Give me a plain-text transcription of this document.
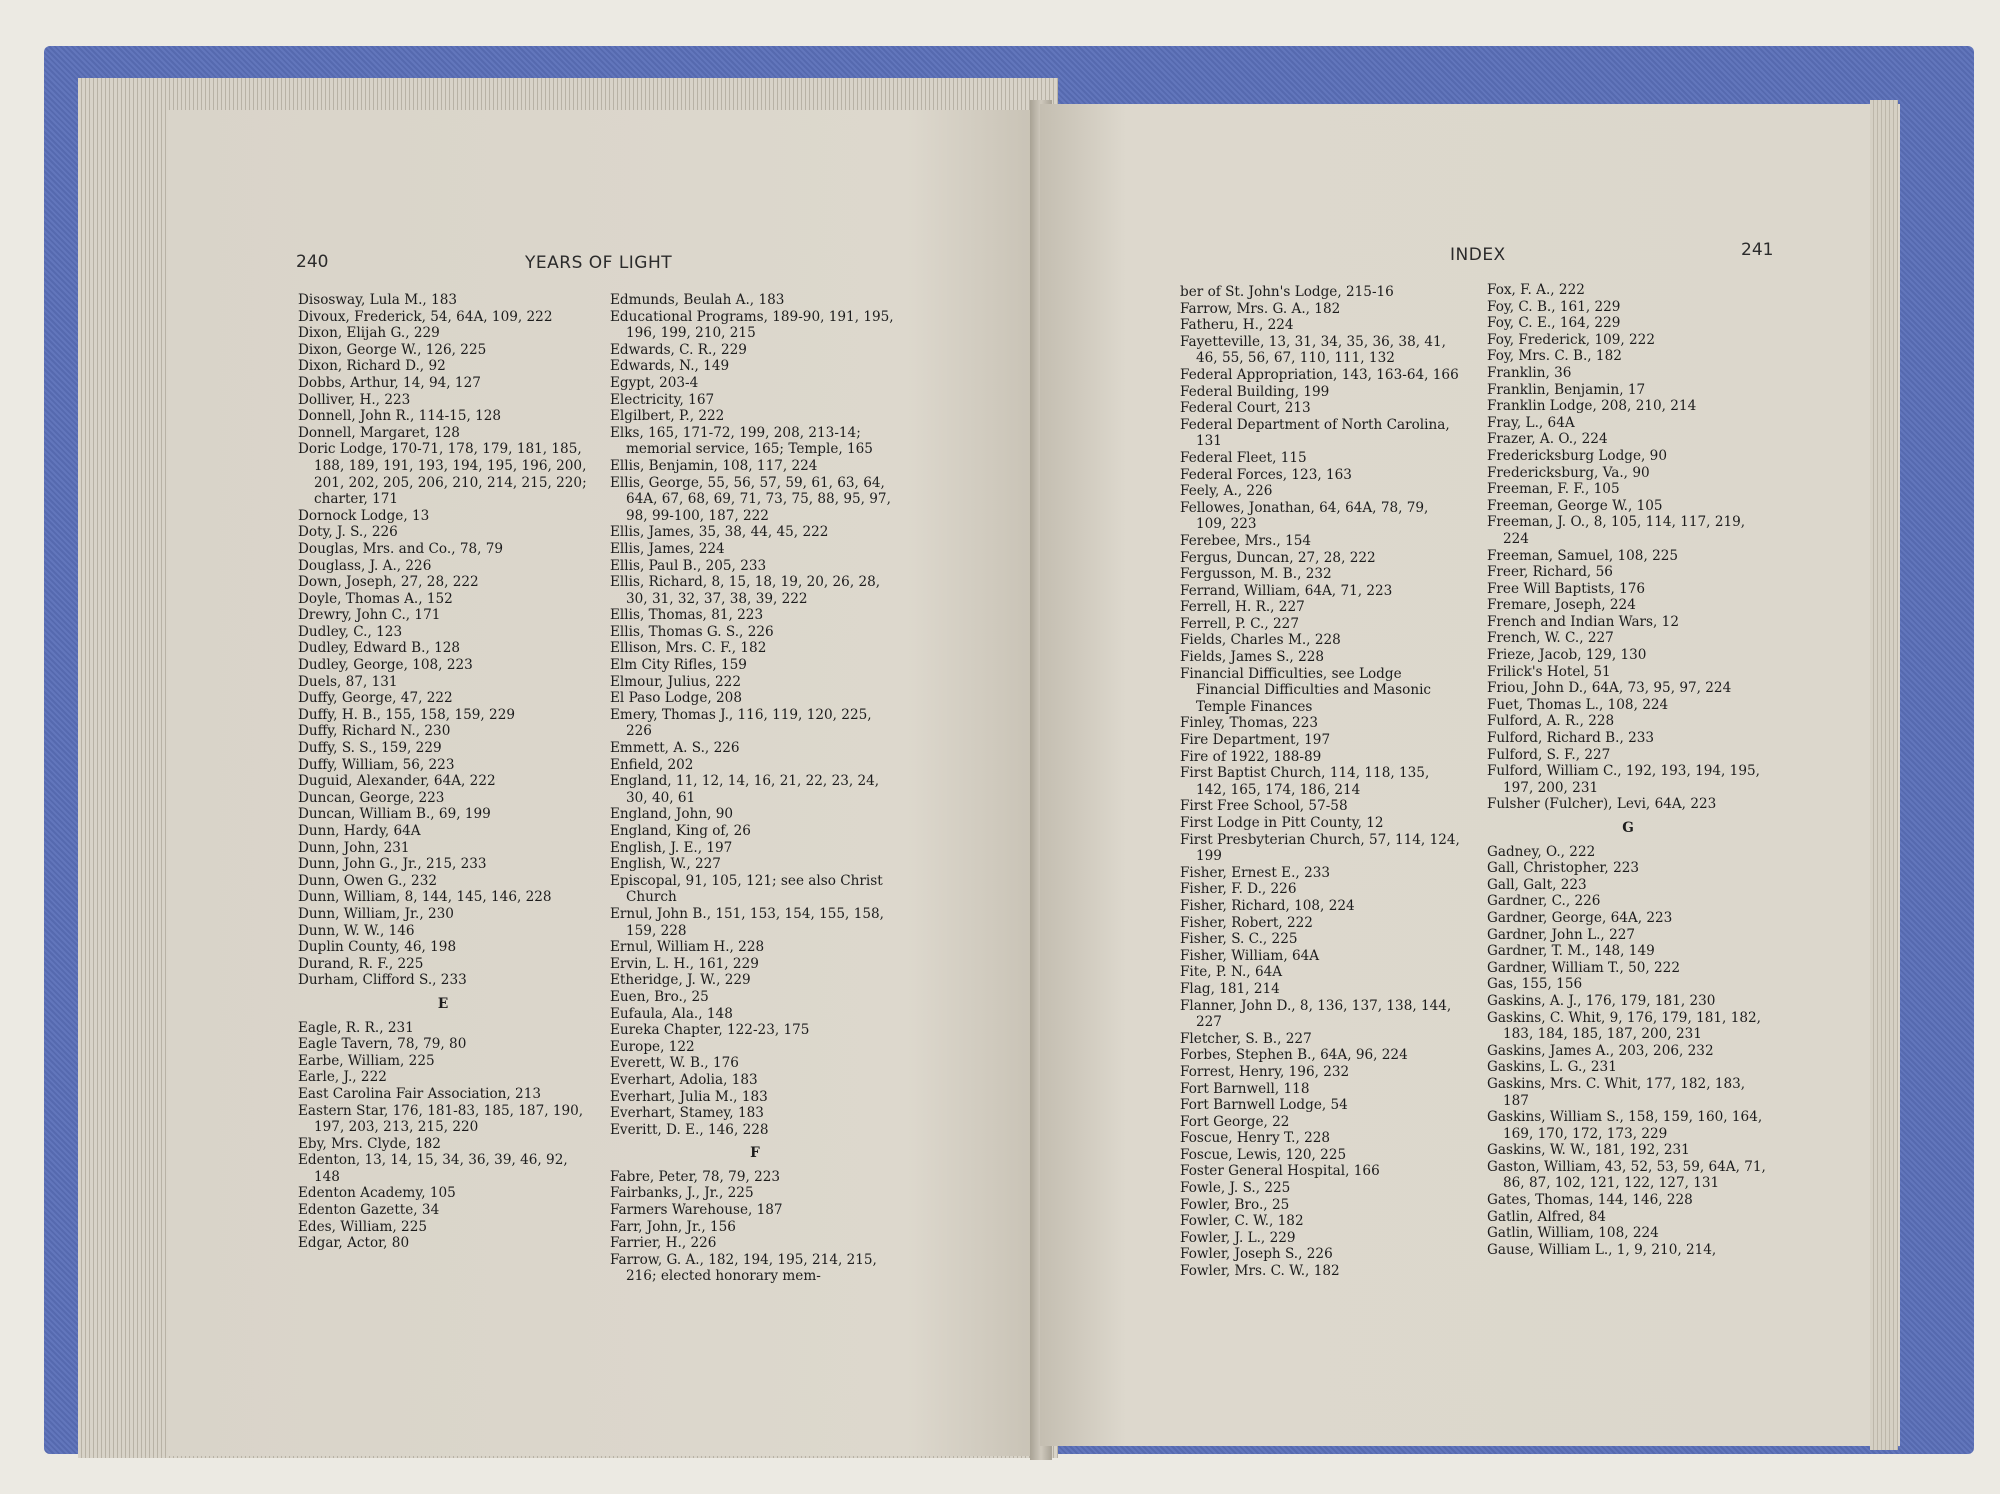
240	YEARS OF LIGHT	INDEX	241

Disosway, Lula M., 183

Divoux, Frederick, 54, 64A, 109, 222

Dixon, Elijah G., 229

Dixon, George W., 126, 225

Dixon, Richard D., 92

Dobbs, Arthur, 14, 94, 127

Dolliver, H., 223

Donnell, John R., 114-15, 128

Donnell, Margaret, 128

Doric Lodge, 170-71, 178, 179, 181, 185, 188, 189, 191, 193, 194, 195, 196, 200, 201, 202, 205, 206, 210, 214, 215, 220; charter, 171

Dornock Lodge, 13

Doty, J. S., 226

Douglas, Mrs. and Co., 78, 79

Douglass, J. A., 226

Down, Joseph, 27, 28, 222

Doyle, Thomas A., 152

Drewry, John C., 171

Dudley, C., 123

Dudley, Edward B., 128

Dudley, George, 108, 223

Duels, 87, 131

Duffy, George, 47, 222

Duffy, H. B., 155, 158, 159, 229

Duffy, Richard N., 230

Duffy, S. S., 159, 229

Duffy, William, 56, 223

Duguid, Alexander, 64A, 222

Duncan, George, 223

Duncan, William B., 69, 199

Dunn, Hardy, 64A

Dunn, John, 231

Dunn, John G., Jr., 215, 233

Dunn, Owen G., 232

Dunn, William, 8, 144, 145, 146, 228

Dunn, William, Jr., 230

Dunn, W. W., 146

Duplin County, 46, 198

Durand, R. F., 225

Durham, Clifford S., 233

E

Eagle, R. R., 231

Eagle Tavern, 78, 79, 80

Earbe, William, 225

Earle, J., 222

East Carolina Fair Association, 213

Eastern Star, 176, 181-83, 185, 187, 190, 197, 203, 213, 215, 220

Eby, Mrs. Clyde, 182

Edenton, 13, 14, 15, 34, 36, 39, 46, 92, 148

Edenton Academy, 105

Edenton Gazette, 34

Edes, William, 225

Edgar, Actor, 80

Edmunds, Beulah A., 183

Educational Programs, 189-90, 191, 195, 196, 199, 210, 215

Edwards, C. R., 229

Edwards, N., 149

Egypt, 203-4

Electricity, 167

Elgilbert, P., 222

Elks, 165, 171-72, 199, 208, 213-14; memorial service, 165; Temple, 165

Ellis, Benjamin, 108, 117, 224

Ellis, George, 55, 56, 57, 59, 61, 63, 64, 64A, 67, 68, 69, 71, 73, 75, 88, 95, 97, 98, 99-100, 187, 222

Ellis, James, 35, 38, 44, 45, 222

Ellis, James, 224

Ellis, Paul B., 205, 233

Ellis, Richard, 8, 15, 18, 19, 20, 26, 28, 30, 31, 32, 37, 38, 39, 222

Ellis, Thomas, 81, 223

Ellis, Thomas G. S., 226

Ellison, Mrs. C. F., 182

Elm City Rifles, 159

Elmour, Julius, 222

El Paso Lodge, 208

Emery, Thomas J., 116, 119, 120, 225, 226

Emmett, A. S., 226

Enfield, 202

England, 11, 12, 14, 16, 21, 22, 23, 24, 30, 40, 61

England, John, 90

England, King of, 26

English, J. E., 197

English, W., 227

Episcopal, 91, 105, 121; see also Christ Church

Ernul, John B., 151, 153, 154, 155, 158, 159, 228

Ernul, William H., 228

Ervin, L. H., 161, 229

Etheridge, J. W., 229

Euen, Bro., 25

Eufaula, Ala., 148

Eureka Chapter, 122-23, 175

Europe, 122

Everett, W. B., 176

Everhart, Adolia, 183

Everhart, Julia M., 183

Everhart, Stamey, 183

Everitt, D. E., 146, 228

F

Fabre, Peter, 78, 79, 223

Fairbanks, J., Jr., 225

Farmers Warehouse, 187

Farr, John, Jr., 156

Farrier, H., 226

Farrow, G. A., 182, 194, 195, 214, 215, 216; elected honorary mem-

ber of St. John's Lodge, 215-16

Farrow, Mrs. G. A., 182

Fatheru, H., 224

Fayetteville, 13, 31, 34, 35, 36, 38, 41, 46, 55, 56, 67, 110, 111, 132

Federal Appropriation, 143, 163-64, 166

Federal Building, 199

Federal Court, 213

Federal Department of North Carolina, 131

Federal Fleet, 115

Federal Forces, 123, 163

Feely, A., 226

Fellowes, Jonathan, 64, 64A, 78, 79, 109, 223

Ferebee, Mrs., 154

Fergus, Duncan, 27, 28, 222

Fergusson, M. B., 232

Ferrand, William, 64A, 71, 223

Ferrell, H. R., 227

Ferrell, P. C., 227

Fields, Charles M., 228

Fields, James S., 228

Financial Difficulties, see Lodge Financial Difficulties and Masonic Temple Finances

Finley, Thomas, 223

Fire Department, 197

Fire of 1922, 188-89

First Baptist Church, 114, 118, 135, 142, 165, 174, 186, 214

First Free School, 57-58

First Lodge in Pitt County, 12

First Presbyterian Church, 57, 114, 124, 199

Fisher, Ernest E., 233

Fisher, F. D., 226

Fisher, Richard, 108, 224

Fisher, Robert, 222

Fisher, S. C., 225

Fisher, William, 64A

Fite, P. N., 64A

Flag, 181, 214

Flanner, John D., 8, 136, 137, 138, 144, 227

Fletcher, S. B., 227

Forbes, Stephen B., 64A, 96, 224

Forrest, Henry, 196, 232

Fort Barnwell, 118

Fort Barnwell Lodge, 54

Fort George, 22

Foscue, Henry T., 228

Foscue, Lewis, 120, 225

Foster General Hospital, 166

Fowle, J. S., 225

Fowler, Bro., 25

Fowler, C. W., 182

Fowler, J. L., 229

Fowler, Joseph S., 226

Fowler, Mrs. C. W., 182

Fox, F. A., 222

Foy, C. B., 161, 229

Foy, C. E., 164, 229

Foy, Frederick, 109, 222

Foy, Mrs. C. B., 182

Franklin, 36

Franklin, Benjamin, 17

Franklin Lodge, 208, 210, 214

Fray, L., 64A

Frazer, A. O., 224

Fredericksburg Lodge, 90

Fredericksburg, Va., 90

Freeman, F. F., 105

Freeman, George W., 105

Freeman, J. O., 8, 105, 114, 117, 219, 224

Freeman, Samuel, 108, 225

Freer, Richard, 56

Free Will Baptists, 176

Fremare, Joseph, 224

French and Indian Wars, 12

French, W. C., 227

Frieze, Jacob, 129, 130

Frilick's Hotel, 51

Friou, John D., 64A, 73, 95, 97, 224

Fuet, Thomas L., 108, 224

Fulford, A. R., 228

Fulford, Richard B., 233

Fulford, S. F., 227

Fulford, William C., 192, 193, 194, 195, 197, 200, 231

Fulsher (Fulcher), Levi, 64A, 223

G

Gadney, O., 222

Gall, Christopher, 223

Gall, Galt, 223

Gardner, C., 226

Gardner, George, 64A, 223

Gardner, John L., 227

Gardner, T. M., 148, 149

Gardner, William T., 50, 222

Gas, 155, 156

Gaskins, A. J., 176, 179, 181, 230

Gaskins, C. Whit, 9, 176, 179, 181, 182, 183, 184, 185, 187, 200, 231

Gaskins, James A., 203, 206, 232

Gaskins, L. G., 231

Gaskins, Mrs. C. Whit, 177, 182, 183, 187

Gaskins, William S., 158, 159, 160, 164, 169, 170, 172, 173, 229

Gaskins, W. W., 181, 192, 231

Gaston, William, 43, 52, 53, 59, 64A, 71, 86, 87, 102, 121, 122, 127, 131

Gates, Thomas, 144, 146, 228

Gatlin, Alfred, 84

Gatlin, William, 108, 224

Gause, William L., 1, 9, 210, 214,
